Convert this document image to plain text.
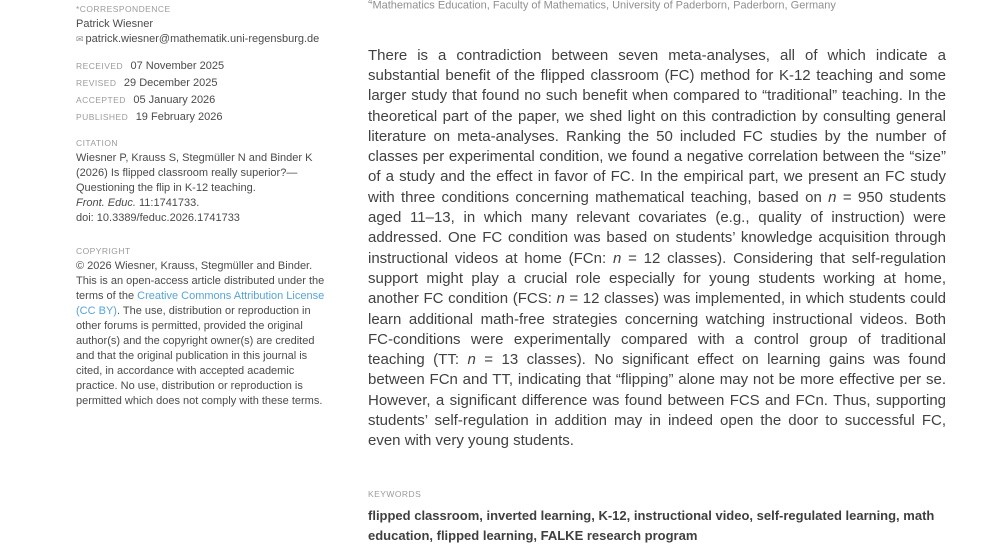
*CORRESPONDENCE
Patrick Wiesner
✉ patrick.wiesner@mathematik.uni-regensburg.de
RECEIVED 07 November 2025
REVISED 29 December 2025
ACCEPTED 05 January 2026
PUBLISHED 19 February 2026
CITATION
Wiesner P, Krauss S, Stegmüller N and Binder K (2026) Is flipped classroom really superior?—Questioning the flip in K-12 teaching.
Front. Educ. 11:1741733.
doi: 10.3389/feduc.2026.1741733
COPYRIGHT
© 2026 Wiesner, Krauss, Stegmüller and Binder. This is an open-access article distributed under the terms of the Creative Commons Attribution License (CC BY). The use, distribution or reproduction in other forums is permitted, provided the original author(s) and the copyright owner(s) are credited and that the original publication in this journal is cited, in accordance with accepted academic practice. No use, distribution or reproduction is permitted which does not comply with these terms.
$^4$Mathematics Education, Faculty of Mathematics, University of Paderborn, Paderborn, Germany
There is a contradiction between seven meta-analyses, all of which indicate a substantial benefit of the flipped classroom (FC) method for K-12 teaching and some larger study that found no such benefit when compared to “traditional” teaching. In the theoretical part of the paper, we shed light on this contradiction by consulting general literature on meta-analyses. Ranking the 50 included FC studies by the number of classes per experimental condition, we found a negative correlation between the “size” of a study and the effect in favor of FC. In the empirical part, we present an FC study with three conditions concerning mathematical teaching, based on n = 950 students aged 11–13, in which many relevant covariates (e.g., quality of instruction) were addressed. One FC condition was based on students’ knowledge acquisition through instructional videos at home (FCn: n = 12 classes). Considering that self-regulation support might play a crucial role especially for young students working at home, another FC condition (FCS: n = 12 classes) was implemented, in which students could learn additional math-free strategies concerning watching instructional videos. Both FC-conditions were experimentally compared with a control group of traditional teaching (TT: n = 13 classes). No significant effect on learning gains was found between FCn and TT, indicating that “flipping” alone may not be more effective per se. However, a significant difference was found between FCS and FCn. Thus, supporting students’ self-regulation in addition may in indeed open the door to successful FC, even with very young students.
KEYWORDS
flipped classroom, inverted learning, K-12, instructional video, self-regulated learning, math education, flipped learning, FALKE research program
